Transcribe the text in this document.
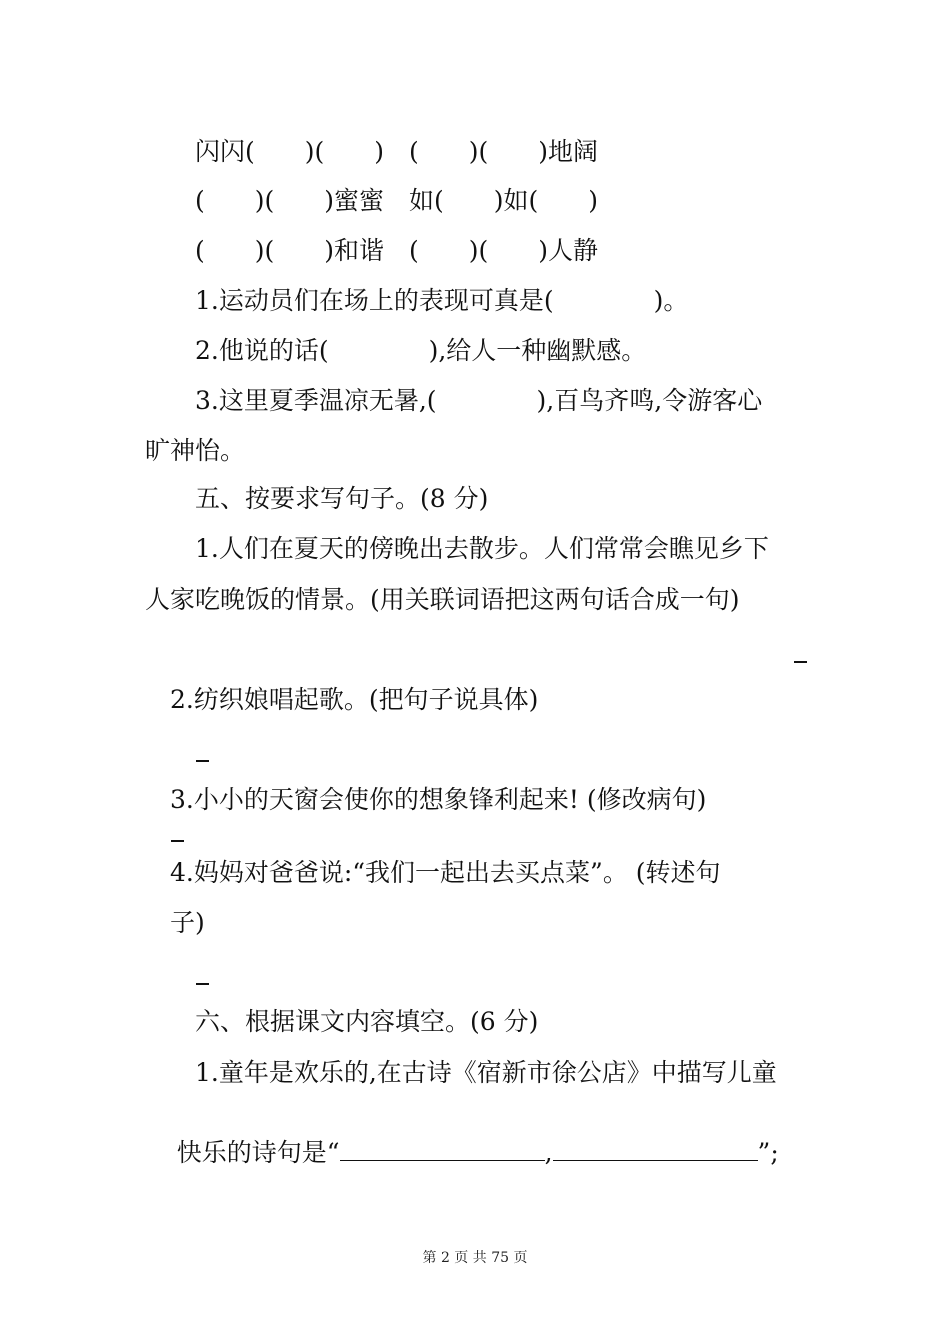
闪闪(　　)(　　)　(　　)(　　)地阔

(　　)(　　)蜜蜜　如(　　)如(　　)

(　　)(　　)和谐　(　　)(　　)人静

1.运动员们在场上的表现可真是(　　　　)。

2.他说的话(　　　　),给人一种幽默感。

3.这里夏季温凉无暑,(　　　　),百鸟齐鸣,令游客心

旷神怡。

五、按要求写句子。(8 分)

1.人们在夏天的傍晚出去散步。人们常常会瞧见乡下

人家吃晚饭的情景。(用关联词语把这两句话合成一句)

2.纺织娘唱起歌。(把句子说具体)

3.小小的天窗会使你的想象锋利起来! (修改病句)

4.妈妈对爸爸说:“我们一起出去买点菜”。 (转述句

子)

六、根据课文内容填空。(6 分)

1.童年是欢乐的,在古诗《宿新市徐公店》中描写儿童

快乐的诗句是“	,	”;

第 2 页 共 75 页
